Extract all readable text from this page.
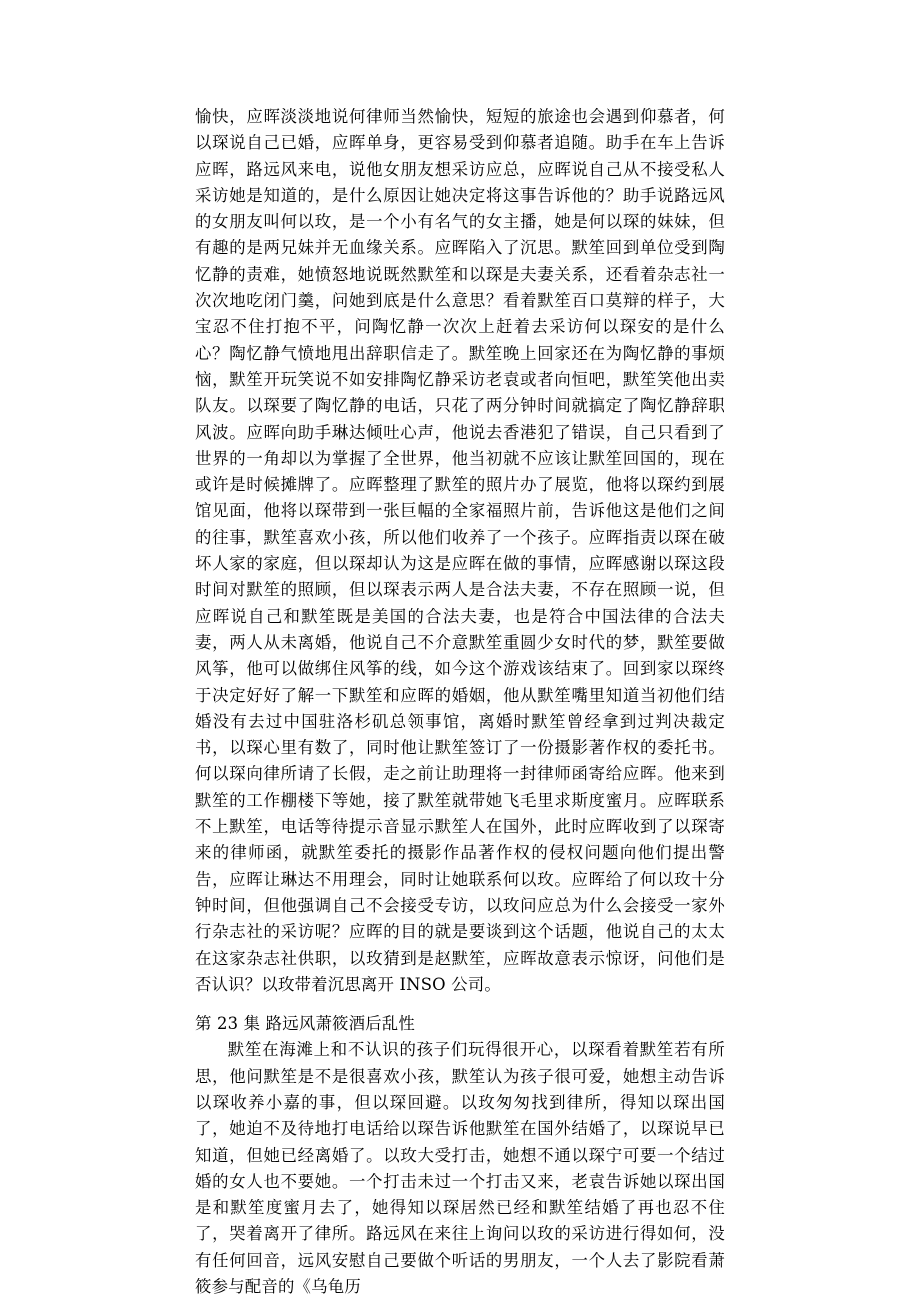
愉快，应晖淡淡地说何律师当然愉快，短短的旅途也会遇到仰慕者，何以琛说自己已婚，应晖单身，更容易受到仰慕者追随。助手在车上告诉应晖，路远风来电，说他女朋友想采访应总，应晖说自己从不接受私人采访她是知道的，是什么原因让她决定将这事告诉他的？助手说路远风的女朋友叫何以玫，是一个小有名气的女主播，她是何以琛的妹妹，但有趣的是两兄妹并无血缘关系。应晖陷入了沉思。默笙回到单位受到陶忆静的责难，她愤怒地说既然默笙和以琛是夫妻关系，还看着杂志社一次次地吃闭门羹，问她到底是什么意思？看着默笙百口莫辩的样子，大宝忍不住打抱不平，问陶忆静一次次上赶着去采访何以琛安的是什么心？陶忆静气愤地甩出辞职信走了。默笙晚上回家还在为陶忆静的事烦恼，默笙开玩笑说不如安排陶忆静采访老袁或者向恒吧，默笙笑他出卖队友。以琛要了陶忆静的电话，只花了两分钟时间就搞定了陶忆静辞职风波。应晖向助手琳达倾吐心声，他说去香港犯了错误，自己只看到了世界的一角却以为掌握了全世界，他当初就不应该让默笙回国的，现在或许是时候摊牌了。应晖整理了默笙的照片办了展览，他将以琛约到展馆见面，他将以琛带到一张巨幅的全家福照片前，告诉他这是他们之间的往事，默笙喜欢小孩，所以他们收养了一个孩子。应晖指责以琛在破坏人家的家庭，但以琛却认为这是应晖在做的事情，应晖感谢以琛这段时间对默笙的照顾，但以琛表示两人是合法夫妻，不存在照顾一说，但应晖说自己和默笙既是美国的合法夫妻，也是符合中国法律的合法夫妻，两人从未离婚，他说自己不介意默笙重圆少女时代的梦，默笙要做风筝，他可以做绑住风筝的线，如今这个游戏该结束了。回到家以琛终于决定好好了解一下默笙和应晖的婚姻，他从默笙嘴里知道当初他们结婚没有去过中国驻洛杉矶总领事馆，离婚时默笙曾经拿到过判决裁定书，以琛心里有数了，同时他让默笙签订了一份摄影著作权的委托书。何以琛向律所请了长假，走之前让助理将一封律师函寄给应晖。他来到默笙的工作棚楼下等她，接了默笙就带她飞毛里求斯度蜜月。应晖联系不上默笙，电话等待提示音显示默笙人在国外，此时应晖收到了以琛寄来的律师函，就默笙委托的摄影作品著作权的侵权问题向他们提出警告，应晖让琳达不用理会，同时让她联系何以玫。应晖给了何以玫十分钟时间，但他强调自己不会接受专访，以玫问应总为什么会接受一家外行杂志社的采访呢？应晖的目的就是要谈到这个话题，他说自己的太太在这家杂志社供职，以玫猜到是赵默笙，应晖故意表示惊讶，问他们是否认识？以玫带着沉思离开 INSO 公司。

第 23 集 路远风萧筱酒后乱性

默笙在海滩上和不认识的孩子们玩得很开心，以琛看着默笙若有所思，他问默笙是不是很喜欢小孩，默笙认为孩子很可爱，她想主动告诉以琛收养小嘉的事，但以琛回避。以玫匆匆找到律所，得知以琛出国了，她迫不及待地打电话给以琛告诉他默笙在国外结婚了，以琛说早已知道，但她已经离婚了。以玫大受打击，她想不通以琛宁可要一个结过婚的女人也不要她。一个打击未过一个打击又来，老袁告诉她以琛出国是和默笙度蜜月去了，她得知以琛居然已经和默笙结婚了再也忍不住了，哭着离开了律所。路远风在来往上询问以玫的采访进行得如何，没有任何回音，远风安慰自己要做个听话的男朋友，一个人去了影院看萧筱参与配音的《乌龟历
